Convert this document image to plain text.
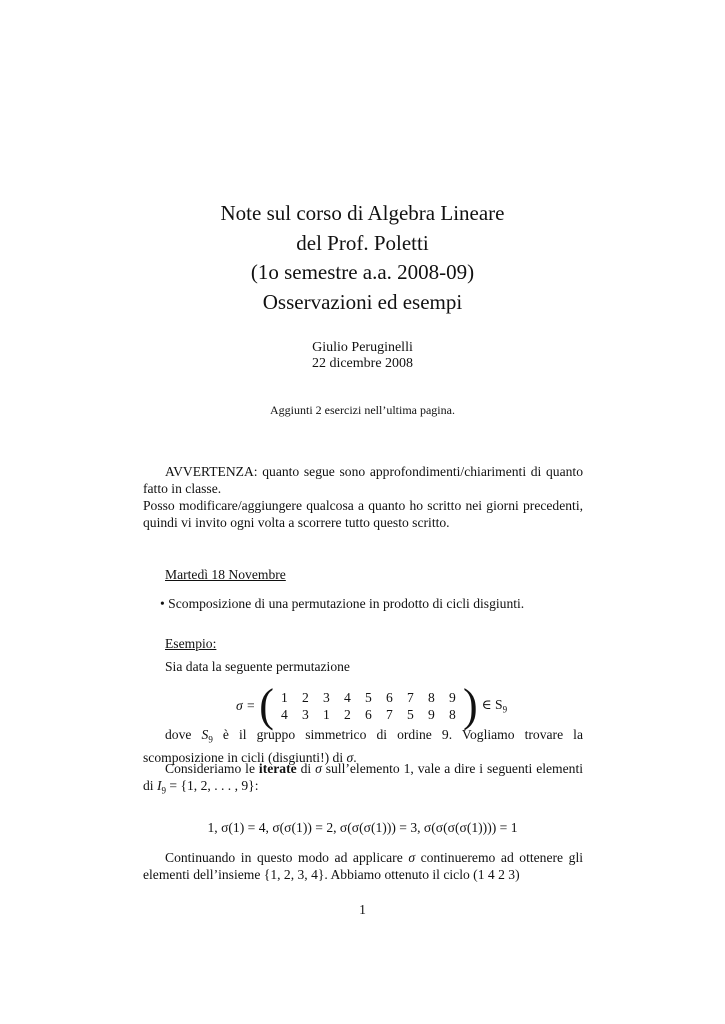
Note sul corso di Algebra Lineare
del Prof. Poletti
(1o semestre a.a. 2008-09)
Osservazioni ed esempi
Giulio Peruginelli
22 dicembre 2008
Aggiunti 2 esercizi nell’ultima pagina.
AVVERTENZA: quanto segue sono approfondimenti/chiarimenti di quanto fatto in classe.
Posso modificare/aggiungere qualcosa a quanto ho scritto nei giorni precedenti, quindi vi invito ogni volta a scorrere tutto questo scritto.
Martedì 18 Novembre
• Scomposizione di una permutazione in prodotto di cicli disgiunti.
Esempio:
Sia data la seguente permutazione
σ = ( 1	2	3	4	5	6	7	8	9
4	3	1	2	6	7	5	9	8 ) ∈ $S_9$
dove $S_9$ è il gruppo simmetrico di ordine 9. Vogliamo trovare la scomposizione in cicli (disgiunti!) di σ.
Consideriamo le iterate di σ sull’elemento 1, vale a dire i seguenti elementi di $I_9 = \{1$, 2, . . . , 9}:
1, σ(1) = 4, σ(σ(1)) = 2, σ(σ(σ(1))) = 3, σ(σ(σ(σ(1)))) = 1
Continuando in questo modo ad applicare σ continueremo ad ottenere gli elementi dell’insieme {1, 2, 3, 4}. Abbiamo ottenuto il ciclo (1 4 2 3)
1
